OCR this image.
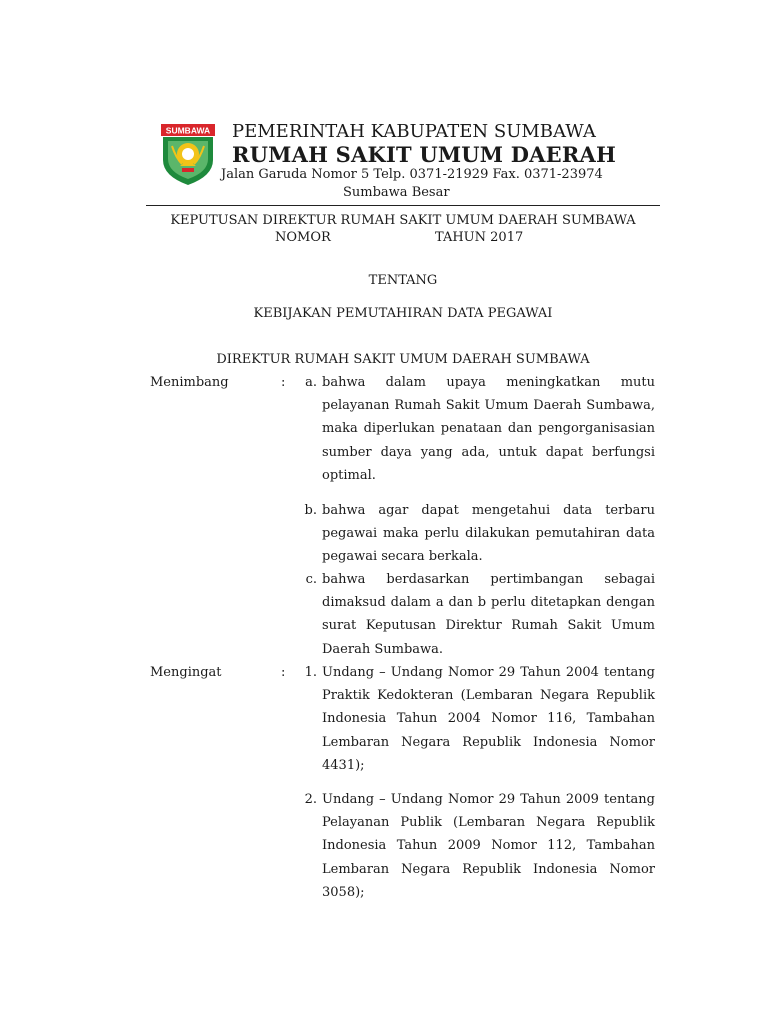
SUMBAWA PEMERINTAH KABUPATEN SUMBAWA
RUMAH SAKIT UMUM DAERAH
Jalan Garuda Nomor 5 Telp. 0371-21929 Fax. 0371-23974
Sumbawa Besar
KEPUTUSAN DIREKTUR RUMAH SAKIT UMUM DAERAH SUMBAWA
NOMOR	TAHUN 2017
TENTANG
KEBIJAKAN PEMUTAHIRAN DATA PEGAWAI
DIREKTUR RUMAH SAKIT UMUM DAERAH SUMBAWA
Menimbang	:	a. bahwa dalam upaya meningkatkan mutu pelayanan Rumah Sakit Umum Daerah Sumbawa, maka diperlukan penataan dan pengorganisasian sumber daya yang ada, untuk dapat berfungsi optimal.
b. bahwa agar dapat mengetahui data terbaru pegawai maka perlu dilakukan pemutahiran data pegawai secara berkala.
c. bahwa berdasarkan pertimbangan sebagai dimaksud dalam a dan b perlu ditetapkan dengan surat Keputusan Direktur Rumah Sakit Umum Daerah Sumbawa.
Mengingat	:	1. Undang – Undang Nomor 29 Tahun 2004 tentang Praktik Kedokteran (Lembaran Negara Republik Indonesia Tahun 2004 Nomor 116, Tambahan Lembaran Negara Republik Indonesia Nomor 4431);
2. Undang – Undang Nomor 29 Tahun 2009 tentang Pelayanan Publik (Lembaran Negara Republik Indonesia Tahun 2009 Nomor 112, Tambahan Lembaran Negara Republik Indonesia Nomor 3058);
